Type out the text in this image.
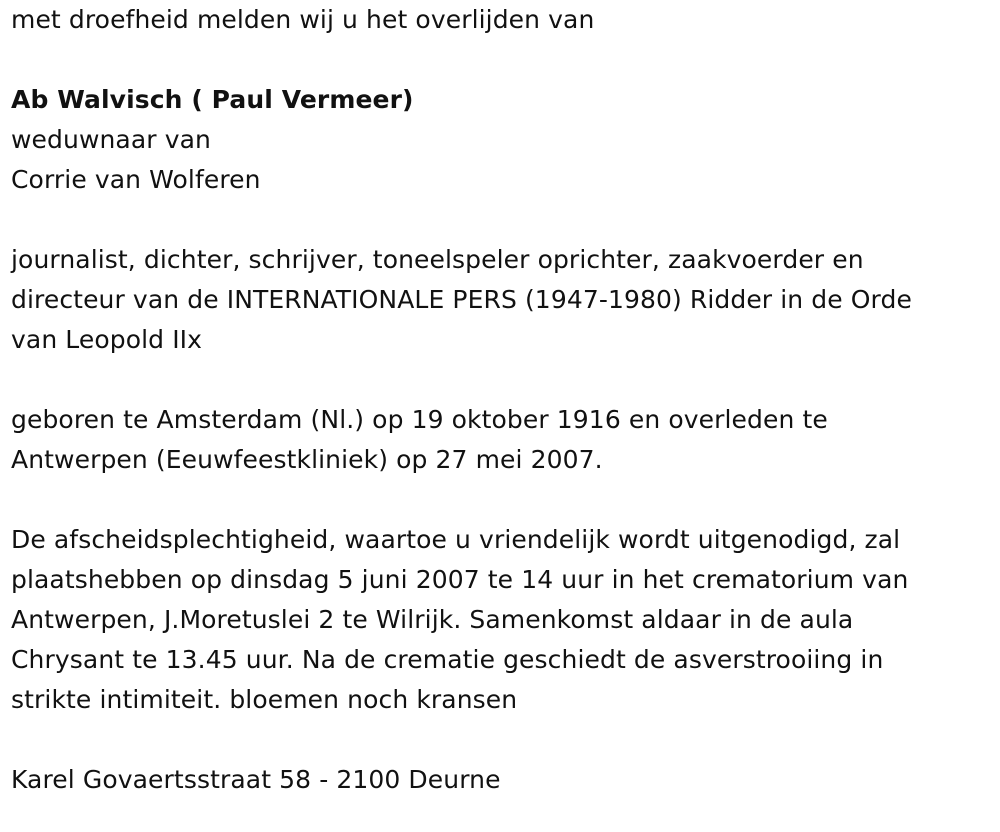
met droefheid melden wij u het overlijden van
Ab Walvisch ( Paul Vermeer)
weduwnaar van
Corrie van Wolferen
journalist, dichter, schrijver, toneelspeler oprichter, zaakvoerder en
directeur van de INTERNATIONALE PERS (1947-1980) Ridder in de Orde
van Leopold IIx
geboren te Amsterdam (Nl.) op 19 oktober 1916 en overleden te
Antwerpen (Eeuwfeestkliniek) op 27 mei 2007.
De afscheidsplechtigheid, waartoe u vriendelijk wordt uitgenodigd, zal
plaatshebben op dinsdag 5 juni 2007 te 14 uur in het crematorium van
Antwerpen, J.Moretuslei 2 te Wilrijk. Samenkomst aldaar in de aula
Chrysant te 13.45 uur. Na de crematie geschiedt de asverstrooiing in
strikte intimiteit. bloemen noch kransen
Karel Govaertsstraat 58 - 2100 Deurne
